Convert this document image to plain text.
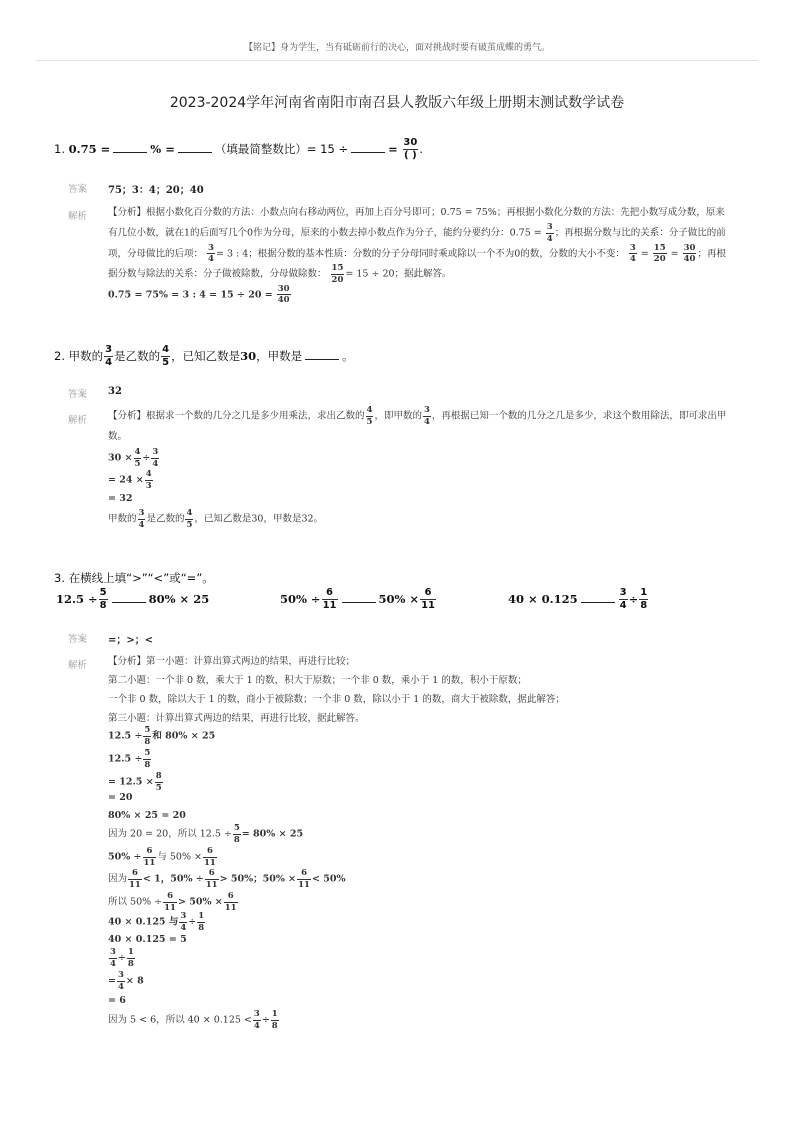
【铭记】身为学生，当有砥砺前行的决心，面对挑战时要有破茧成蝶的勇气。
2023-2024学年河南省南阳市南召县人教版六年级上册期末测试数学试卷
1. 0.75 =	% =	（填最简整数比）= 15 ÷	= $\frac{30}{( )}$ .
答案 75；3：4；20；40
解析 【分析】根据小数化百分数的方法：小数点向右移动两位，再加上百分号即可；0.75 = 75%；再根据小数化分数的方法：先把小数写成分数，原来有几位小数，就在1的后面写几个0作为分母，原来的小数去掉小数点作为分子，能约分要约分：$0.75 = \frac{3}{4}$ ；再根据分数与比的关系：分子做比的前项，分母做比的后项： $\frac{3}{4} = 3$ : 4；根据分数的基本性质：分数的分子分母同时乘或除以一个不为0的数，分数的大小不变： $\frac{3}{4} = \frac{15}{20} = \frac{30}{40}$ ；再根据分数与除法的关系：分子做被除数，分母做除数： $\frac{15}{20} = 15 \div 20$；据此解答。
0.75 = 75% = 3 : $4 = 15 \div 20 = \frac{30}{40}$
2. 甲数的 $\frac{3}{4}$ 是乙数的 $\frac{4}{5}$ ，已知乙数是30，甲数是	。
答案 32
解析 【分析】根据求一个数的几分之几是多少用乘法，求出乙数的 $\frac{4}{5}$ ，即甲数的 $\frac{3}{4}$ ，再根据已知一个数的几分之几是多少，求这个数用除法，即可求出甲数。
$30 \times \frac{4}{5} \div \frac{3}{4}$
= $24 \times \frac{4}{3}$
= 32
甲数的 $\frac{3}{4}$ 是乙数的 $\frac{4}{5}$ ，已知乙数是30，甲数是32。
3. 在横线上填“>”“<”或“=”。
$12.5 \div \frac{5}{8}$	80% × 25	$50\% \div \frac{6}{11}$	$50\% \times \frac{6}{11}$	40 × 0.125	$\frac{3}{4} \div \frac{1}{8}$
答案 =；>；<
解析 【分析】第一小题：计算出算式两边的结果，再进行比较；
第二小题：一个非 0 数，乘大于 1 的数，积大于原数；一个非 0 数，乘小于 1 的数，积小于原数；
一个非 0 数，除以大于 1 的数，商小于被除数；一个非 0 数，除以小于 1 的数，商大于被除数，据此解答；
第三小题：计算出算式两边的结果，再进行比较，据此解答。
$12.5 \div \frac{5}{8}$ 和 80% × 25
$12.5 \div \frac{5}{8}$
= $12.5 \times \frac{8}{5}$
= 20
80% × 25 = 20
因为 20 = 20，所以 $12.5 \div \frac{5}{8} = 80\% \times 25$
$50\% \div \frac{6}{11}$ 与 $50\% \times \frac{6}{11}$
因为 $\frac{6}{11} < 1$，$50\% \div \frac{6}{11} > 50\%$；$50\% \times \frac{6}{11} < 50\%$
所以 $50\% \div \frac{6}{11} > 50\% \times \frac{6}{11}$
40 × 0.125 与 $\frac{3}{4} \div \frac{1}{8}$
40 × 0.125 = 5
$\frac{3}{4} \div \frac{1}{8}$
= $\frac{3}{4} \times 8$
= 6
因为 5 < 6，所以 $40 \times 0.125 < \frac{3}{4} \div \frac{1}{8}$
